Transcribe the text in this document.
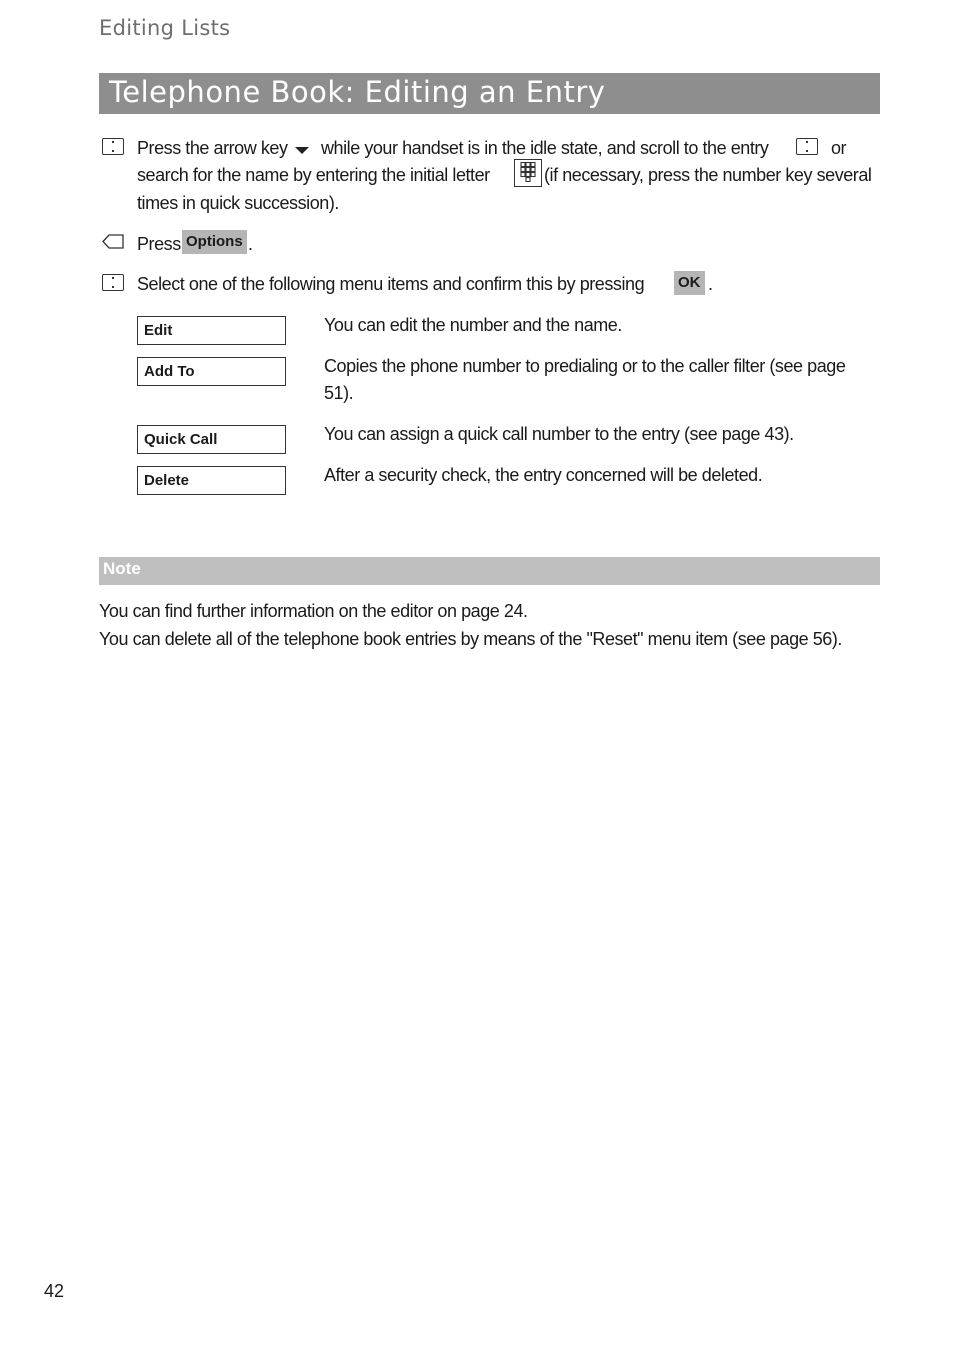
Editing Lists
Telephone Book: Editing an Entry
Press the arrow key while your handset is in the idle state, and scroll to the entry	or
search for the name by entering the initial letter	(if necessary, press the number key several
times in quick succession).
Press Options .
Select one of the following menu items and confirm this by pressing OK .
Edit	You can edit the number and the name.
Add To	Copies the phone number to predialing or to the caller filter (see page
51).
Quick Call	You can assign a quick call number to the entry (see page 43).
Delete	After a security check, the entry concerned will be deleted.
Note
You can find further information on the editor on page 24.
You can delete all of the telephone book entries by means of the "Reset" menu item (see page 56).
42
